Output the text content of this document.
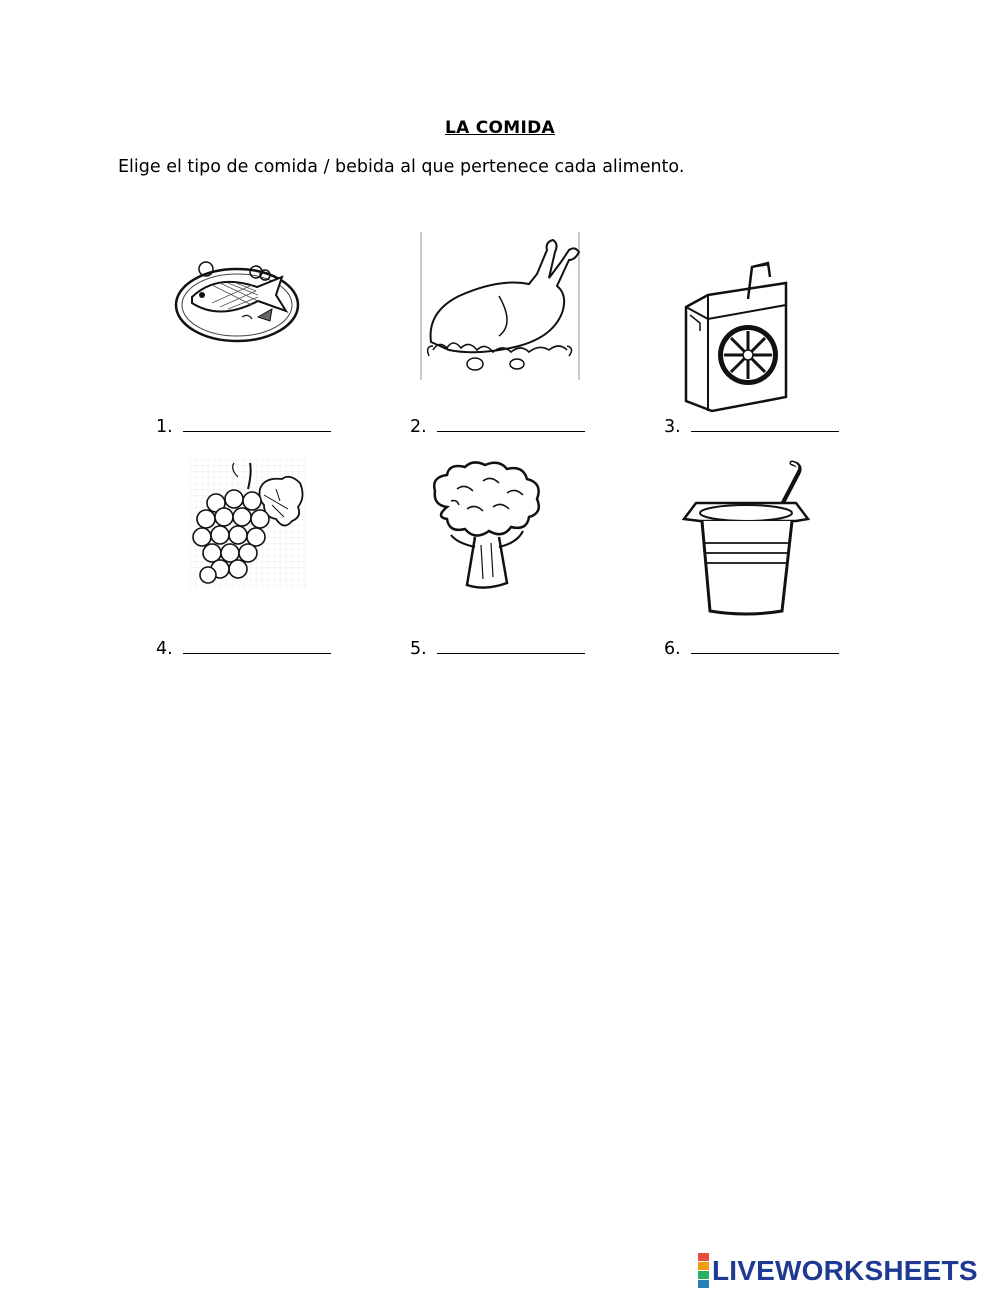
LA COMIDA
Elige el tipo de comida / bebida al que pertenece cada alimento.
1.	2.	3.
4.	5.	6.
LIVEWORKSHEETS
